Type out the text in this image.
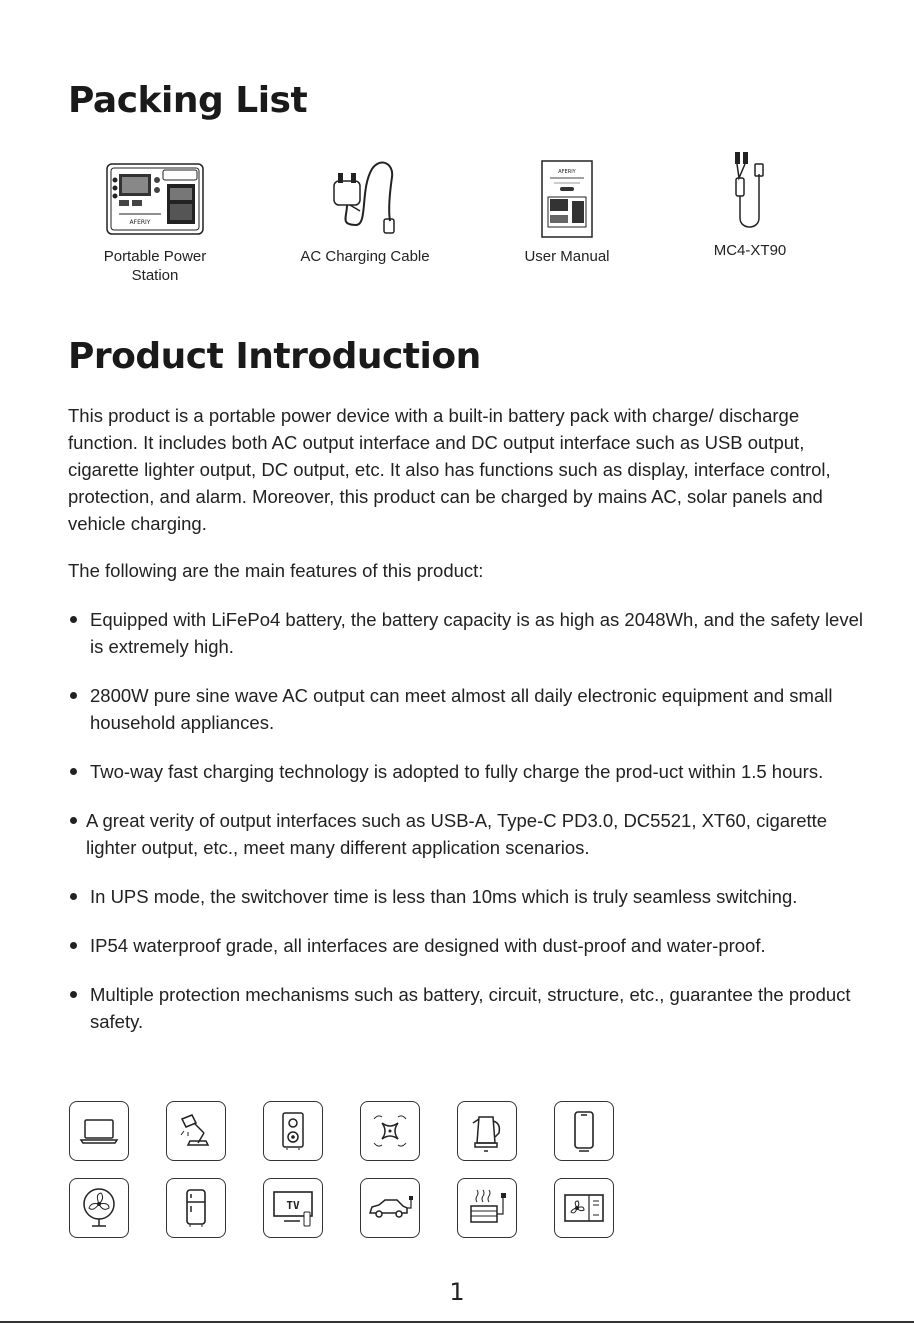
Packing List
AFERIY
Portable Power
Station
AC Charging Cable
AFERIY
User Manual	MC4-XT90
Product Introduction

This product is a portable power device with a built-in battery pack with charge/ discharge function. It includes both AC output interface and DC output interface such as USB output, cigarette lighter output, DC output, etc. It also has functions such as display, interface control, protection, and alarm. Moreover, this product can be charged by mains AC, solar panels and vehicle charging.

The following are the main features of this product:

Equipped with LiFePo4 battery, the battery capacity is as high as 2048Wh, and the safety level is extremely high.
2800W pure sine wave AC output can meet almost all daily electronic equipment and small household appliances.
Two-way fast charging technology is adopted to fully charge the prod-uct within 1.5 hours.
A great verity of output interfaces such as USB-A, Type-C PD3.0, DC5521, XT60, cigarette lighter output, etc., meet many different application scenarios.
In UPS mode, the switchover time is less than 10ms which is truly seamless switching.
IP54 waterproof grade, all interfaces are designed with dust-proof and water-proof.
Multiple protection mechanisms such as battery, circuit, structure, etc., guarantee the product safety.
TV
1
